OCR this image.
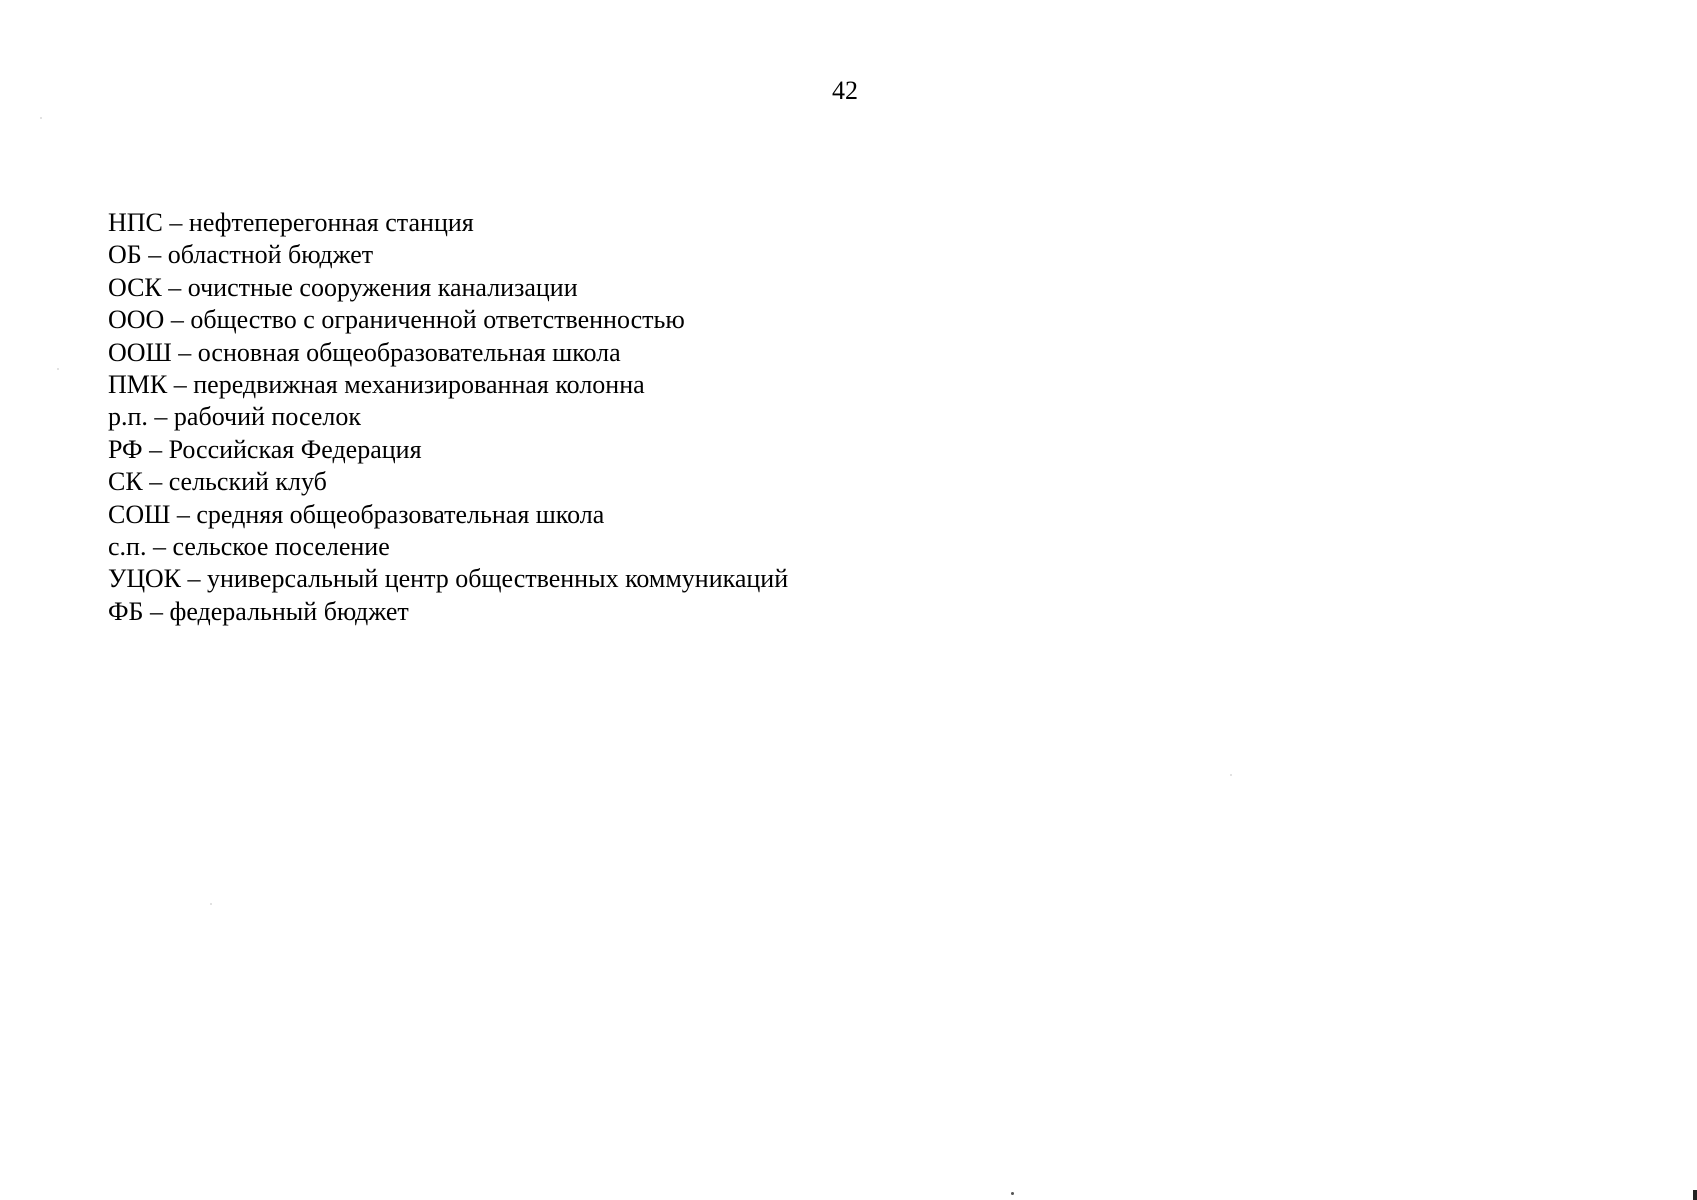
42
НПС – нефтеперегонная станция
ОБ – областной бюджет
ОСК – очистные сооружения канализации
ООО – общество с ограниченной ответственностью
ООШ – основная общеобразовательная школа
ПМК – передвижная механизированная колонна
р.п. – рабочий поселок
РФ – Российская Федерация
СК – сельский клуб
СОШ – средняя общеобразовательная школа
с.п. – сельское поселение
УЦОК – универсальный центр общественных коммуникаций
ФБ – федеральный бюджет
